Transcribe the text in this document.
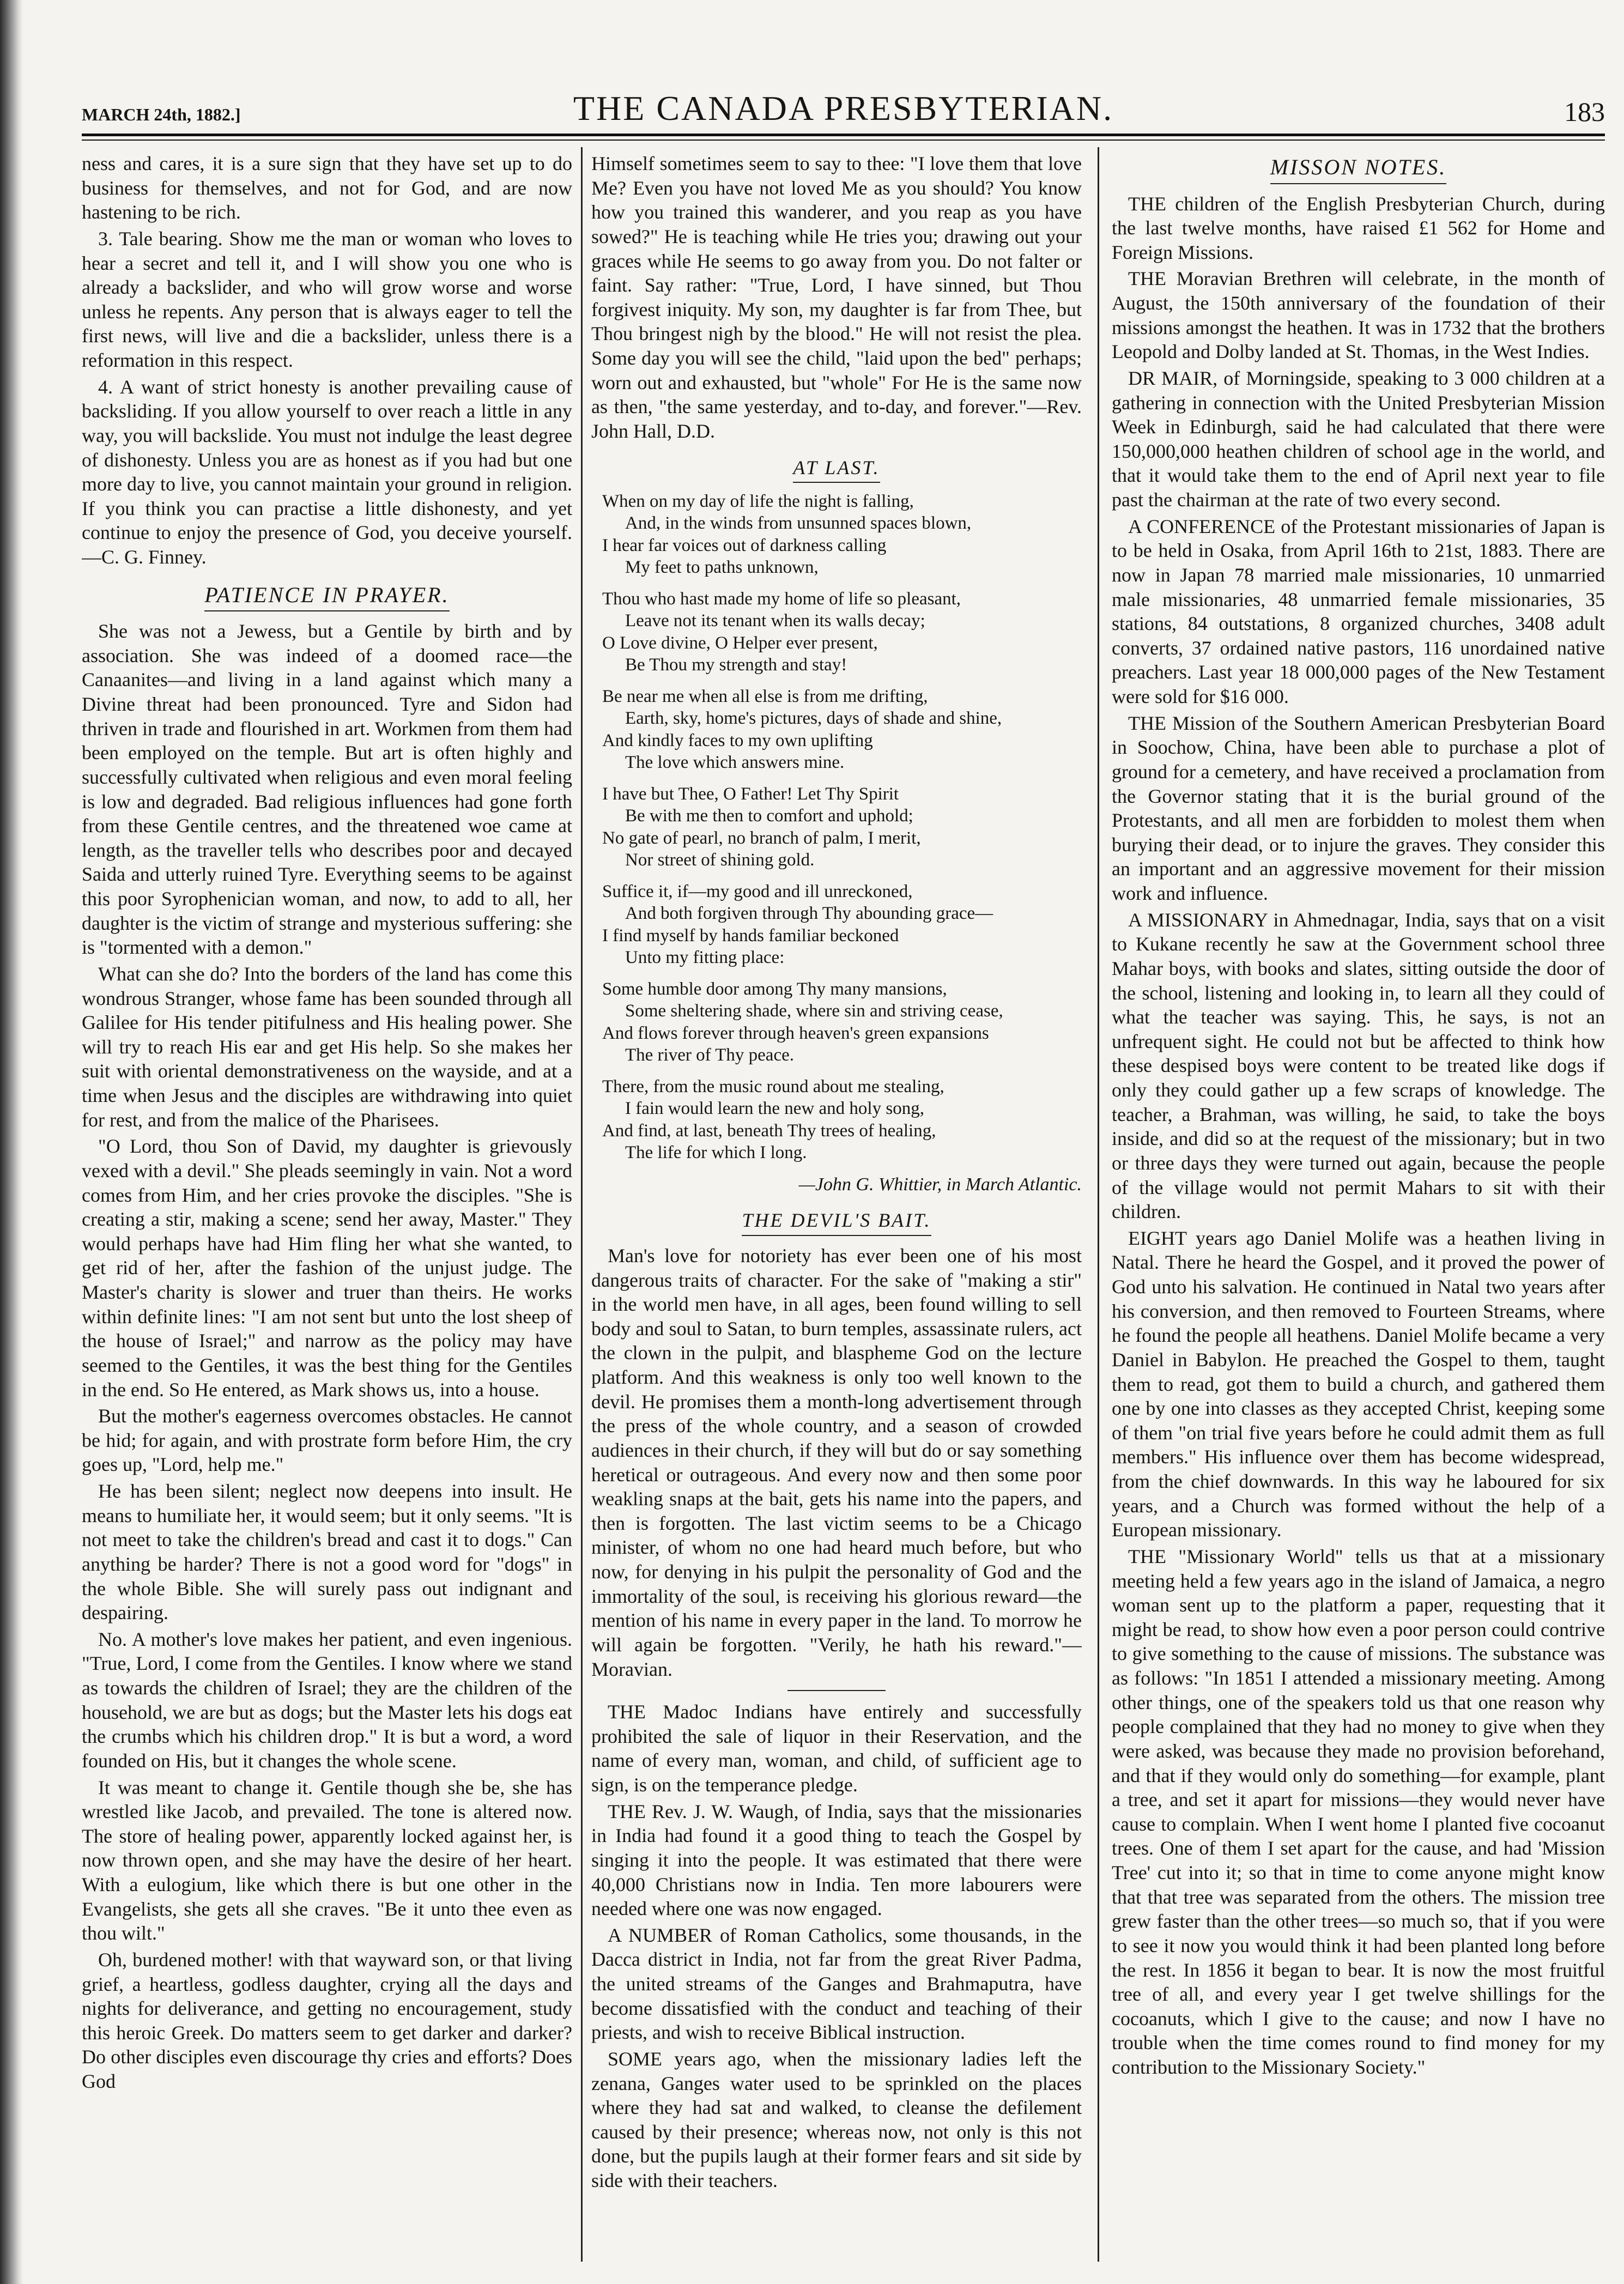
MARCH 24th, 1882.]	THE CANADA PRESBYTERIAN.	183

ness and cares, it is a sure sign that they have set up to do business for themselves, and not for God, and are now hastening to be rich.

3. Tale bearing. Show me the man or woman who loves to hear a secret and tell it, and I will show you one who is already a backslider, and who will grow worse and worse unless he repents. Any person that is always eager to tell the first news, will live and die a backslider, unless there is a reformation in this respect.

4. A want of strict honesty is another prevailing cause of backsliding. If you allow yourself to over reach a little in any way, you will backslide. You must not indulge the least degree of dishonesty. Unless you are as honest as if you had but one more day to live, you cannot maintain your ground in religion. If you think you can practise a little dishonesty, and yet continue to enjoy the presence of God, you deceive yourself.—C. G. Finney.

PATIENCE IN PRAYER.

She was not a Jewess, but a Gentile by birth and by association. She was indeed of a doomed race—the Canaanites—and living in a land against which many a Divine threat had been pronounced. Tyre and Sidon had thriven in trade and flourished in art. Workmen from them had been employed on the temple. But art is often highly and successfully cultivated when religious and even moral feeling is low and degraded. Bad religious influences had gone forth from these Gentile centres, and the threatened woe came at length, as the traveller tells who describes poor and decayed Saida and utterly ruined Tyre. Everything seems to be against this poor Syrophenician woman, and now, to add to all, her daughter is the victim of strange and mysterious suffering: she is "tormented with a demon."

What can she do? Into the borders of the land has come this wondrous Stranger, whose fame has been sounded through all Galilee for His tender pitifulness and His healing power. She will try to reach His ear and get His help. So she makes her suit with oriental demonstrativeness on the wayside, and at a time when Jesus and the disciples are withdrawing into quiet for rest, and from the malice of the Pharisees.

"O Lord, thou Son of David, my daughter is grievously vexed with a devil." She pleads seemingly in vain. Not a word comes from Him, and her cries provoke the disciples. "She is creating a stir, making a scene; send her away, Master." They would perhaps have had Him fling her what she wanted, to get rid of her, after the fashion of the unjust judge. The Master's charity is slower and truer than theirs. He works within definite lines: "I am not sent but unto the lost sheep of the house of Israel;" and narrow as the policy may have seemed to the Gentiles, it was the best thing for the Gentiles in the end. So He entered, as Mark shows us, into a house.

But the mother's eagerness overcomes obstacles. He cannot be hid; for again, and with prostrate form before Him, the cry goes up, "Lord, help me."

He has been silent; neglect now deepens into insult. He means to humiliate her, it would seem; but it only seems. "It is not meet to take the children's bread and cast it to dogs." Can anything be harder? There is not a good word for "dogs" in the whole Bible. She will surely pass out indignant and despairing.

No. A mother's love makes her patient, and even ingenious. "True, Lord, I come from the Gentiles. I know where we stand as towards the children of Israel; they are the children of the household, we are but as dogs; but the Master lets his dogs eat the crumbs which his children drop." It is but a word, a word founded on His, but it changes the whole scene.

It was meant to change it. Gentile though she be, she has wrestled like Jacob, and prevailed. The tone is altered now. The store of healing power, apparently locked against her, is now thrown open, and she may have the desire of her heart. With a eulogium, like which there is but one other in the Evangelists, she gets all she craves. "Be it unto thee even as thou wilt."

Oh, burdened mother! with that wayward son, or that living grief, a heartless, godless daughter, crying all the days and nights for deliverance, and getting no encouragement, study this heroic Greek. Do matters seem to get darker and darker? Do other disciples even discourage thy cries and efforts? Does God

Himself sometimes seem to say to thee: "I love them that love Me? Even you have not loved Me as you should? You know how you trained this wanderer, and you reap as you have sowed?" He is teaching while He tries you; drawing out your graces while He seems to go away from you. Do not falter or faint. Say rather: "True, Lord, I have sinned, but Thou forgivest iniquity. My son, my daughter is far from Thee, but Thou bringest nigh by the blood." He will not resist the plea. Some day you will see the child, "laid upon the bed" perhaps; worn out and exhausted, but "whole" For He is the same now as then, "the same yesterday, and to-day, and forever."—Rev. John Hall, D.D.

AT LAST.
When on my day of life the night is falling,
And, in the winds from unsunned spaces blown,
I hear far voices out of darkness calling
My feet to paths unknown,
Thou who hast made my home of life so pleasant,
Leave not its tenant when its walls decay;
O Love divine, O Helper ever present,
Be Thou my strength and stay!
Be near me when all else is from me drifting,
Earth, sky, home's pictures, days of shade and shine,
And kindly faces to my own uplifting
The love which answers mine.
I have but Thee, O Father! Let Thy Spirit
Be with me then to comfort and uphold;
No gate of pearl, no branch of palm, I merit,
Nor street of shining gold.
Suffice it, if—my good and ill unreckoned,
And both forgiven through Thy abounding grace—
I find myself by hands familiar beckoned
Unto my fitting place:
Some humble door among Thy many mansions,
Some sheltering shade, where sin and striving cease,
And flows forever through heaven's green expansions
The river of Thy peace.
There, from the music round about me stealing,
I fain would learn the new and holy song,
And find, at last, beneath Thy trees of healing,
The life for which I long.
—John G. Whittier, in March Atlantic.
THE DEVIL'S BAIT.

Man's love for notoriety has ever been one of his most dangerous traits of character. For the sake of "making a stir" in the world men have, in all ages, been found willing to sell body and soul to Satan, to burn temples, assassinate rulers, act the clown in the pulpit, and blaspheme God on the lecture platform. And this weakness is only too well known to the devil. He promises them a month-long advertisement through the press of the whole country, and a season of crowded audiences in their church, if they will but do or say something heretical or outrageous. And every now and then some poor weakling snaps at the bait, gets his name into the papers, and then is forgotten. The last victim seems to be a Chicago minister, of whom no one had heard much before, but who now, for denying in his pulpit the personality of God and the immortality of the soul, is receiving his glorious reward—the mention of his name in every paper in the land. To morrow he will again be forgotten. "Verily, he hath his reward."—Moravian.

THE Madoc Indians have entirely and successfully prohibited the sale of liquor in their Reservation, and the name of every man, woman, and child, of sufficient age to sign, is on the temperance pledge.

THE Rev. J. W. Waugh, of India, says that the missionaries in India had found it a good thing to teach the Gospel by singing it into the people. It was estimated that there were 40,000 Christians now in India. Ten more labourers were needed where one was now engaged.

A NUMBER of Roman Catholics, some thousands, in the Dacca district in India, not far from the great River Padma, the united streams of the Ganges and Brahmaputra, have become dissatisfied with the conduct and teaching of their priests, and wish to receive Biblical instruction.

SOME years ago, when the missionary ladies left the zenana, Ganges water used to be sprinkled on the places where they had sat and walked, to cleanse the defilement caused by their presence; whereas now, not only is this not done, but the pupils laugh at their former fears and sit side by side with their teachers.

MISSON NOTES.

THE children of the English Presbyterian Church, during the last twelve months, have raised £1 562 for Home and Foreign Missions.

THE Moravian Brethren will celebrate, in the month of August, the 150th anniversary of the foundation of their missions amongst the heathen. It was in 1732 that the brothers Leopold and Dolby landed at St. Thomas, in the West Indies.

DR MAIR, of Morningside, speaking to 3 000 children at a gathering in connection with the United Presbyterian Mission Week in Edinburgh, said he had calculated that there were 150,000,000 heathen children of school age in the world, and that it would take them to the end of April next year to file past the chairman at the rate of two every second.

A CONFERENCE of the Protestant missionaries of Japan is to be held in Osaka, from April 16th to 21st, 1883. There are now in Japan 78 married male missionaries, 10 unmarried male missionaries, 48 unmarried female missionaries, 35 stations, 84 outstations, 8 organized churches, 3408 adult converts, 37 ordained native pastors, 116 unordained native preachers. Last year 18 000,000 pages of the New Testament were sold for $16 000.

THE Mission of the Southern American Presbyterian Board in Soochow, China, have been able to purchase a plot of ground for a cemetery, and have received a proclamation from the Governor stating that it is the burial ground of the Protestants, and all men are forbidden to molest them when burying their dead, or to injure the graves. They consider this an important and an aggressive movement for their mission work and influence.

A MISSIONARY in Ahmednagar, India, says that on a visit to Kukane recently he saw at the Government school three Mahar boys, with books and slates, sitting outside the door of the school, listening and looking in, to learn all they could of what the teacher was saying. This, he says, is not an unfrequent sight. He could not but be affected to think how these despised boys were content to be treated like dogs if only they could gather up a few scraps of knowledge. The teacher, a Brahman, was willing, he said, to take the boys inside, and did so at the request of the missionary; but in two or three days they were turned out again, because the people of the village would not permit Mahars to sit with their children.

EIGHT years ago Daniel Molife was a heathen living in Natal. There he heard the Gospel, and it proved the power of God unto his salvation. He continued in Natal two years after his conversion, and then removed to Fourteen Streams, where he found the people all heathens. Daniel Molife became a very Daniel in Babylon. He preached the Gospel to them, taught them to read, got them to build a church, and gathered them one by one into classes as they accepted Christ, keeping some of them "on trial five years before he could admit them as full members." His influence over them has become widespread, from the chief downwards. In this way he laboured for six years, and a Church was formed without the help of a European missionary.

THE "Missionary World" tells us that at a missionary meeting held a few years ago in the island of Jamaica, a negro woman sent up to the platform a paper, requesting that it might be read, to show how even a poor person could contrive to give something to the cause of missions. The substance was as follows: "In 1851 I attended a missionary meeting. Among other things, one of the speakers told us that one reason why people complained that they had no money to give when they were asked, was because they made no provision beforehand, and that if they would only do something—for example, plant a tree, and set it apart for missions—they would never have cause to complain. When I went home I planted five cocoanut trees. One of them I set apart for the cause, and had 'Mission Tree' cut into it; so that in time to come anyone might know that that tree was separated from the others. The mission tree grew faster than the other trees—so much so, that if you were to see it now you would think it had been planted long before the rest. In 1856 it began to bear. It is now the most fruitful tree of all, and every year I get twelve shillings for the cocoanuts, which I give to the cause; and now I have no trouble when the time comes round to find money for my contribution to the Missionary Society."
